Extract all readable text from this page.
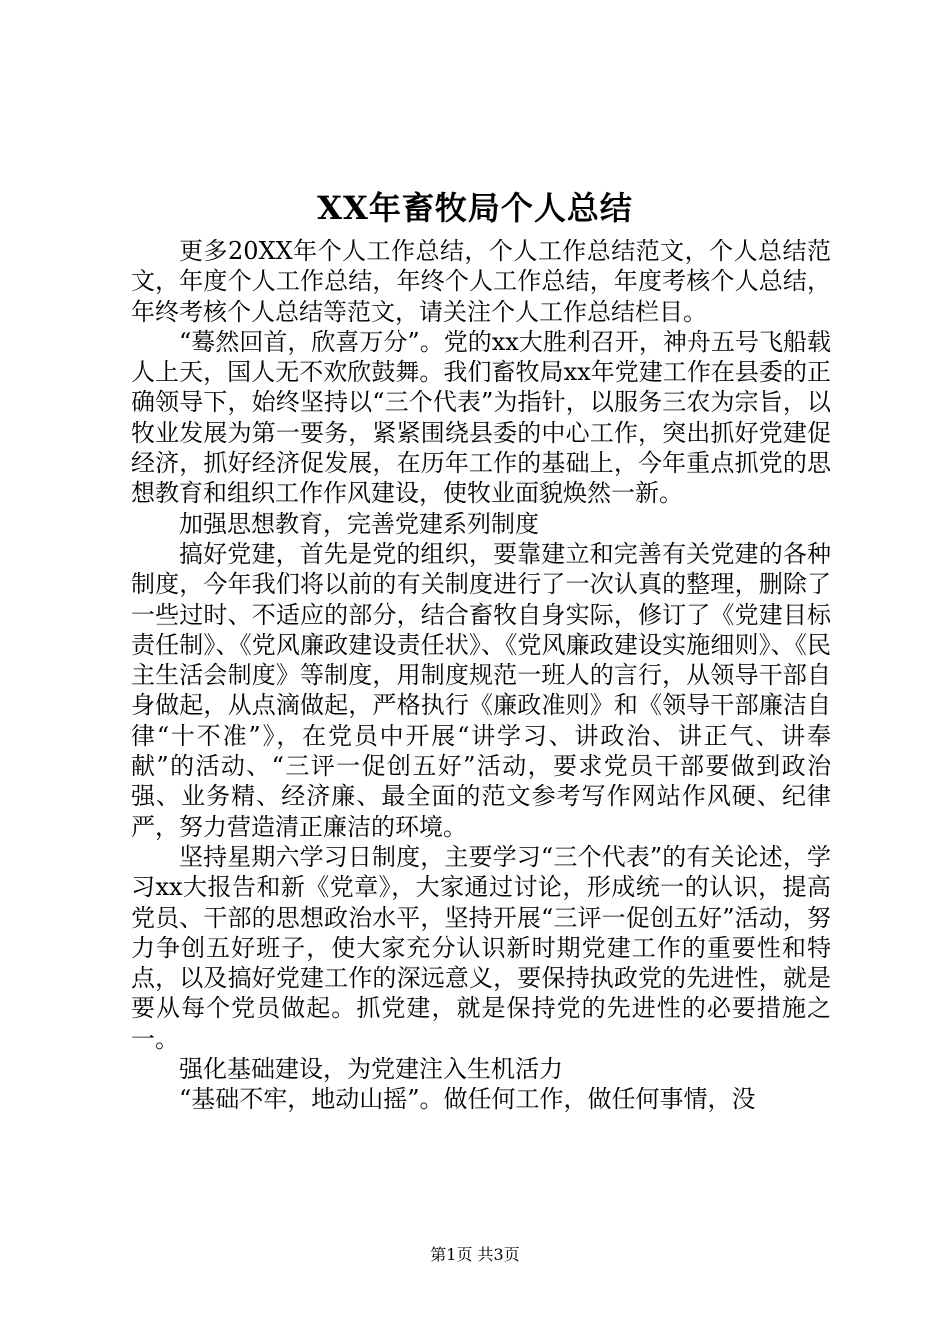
XX年畜牧局个人总结

更多20XX年个人工作总结，个人工作总结范文，个人总结范文，年度个人工作总结，年终个人工作总结，年度考核个人总结，年终考核个人总结等范文，请关注个人工作总结栏目。

“蓦然回首，欣喜万分”。党的xx大胜利召开，神舟五号飞船载人上天，国人无不欢欣鼓舞。我们畜牧局xx年党建工作在县委的正确领导下，始终坚持以“三个代表”为指针，以服务三农为宗旨，以牧业发展为第一要务，紧紧围绕县委的中心工作，突出抓好党建促经济，抓好经济促发展，在历年工作的基础上，今年重点抓党的思想教育和组织工作作风建设，使牧业面貌焕然一新。

加强思想教育，完善党建系列制度

搞好党建，首先是党的组织，要靠建立和完善有关党建的各种制度，今年我们将以前的有关制度进行了一次认真的整理，删除了一些过时、不适应的部分，结合畜牧自身实际，修订了《党建目标责任制》、《党风廉政建设责任状》、《党风廉政建设实施细则》、《民主生活会制度》等制度，用制度规范一班人的言行，从领导干部自身做起，从点滴做起，严格执行《廉政准则》和《领导干部廉洁自律“十不准”》，在党员中开展“讲学习、讲政治、讲正气、讲奉献”的活动、“三评一促创五好”活动，要求党员干部要做到政治强、业务精、经济廉、最全面的范文参考写作网站作风硬、纪律严，努力营造清正廉洁的环境。

坚持星期六学习日制度，主要学习“三个代表”的有关论述，学习xx大报告和新《党章》，大家通过讨论，形成统一的认识，提高党员、干部的思想政治水平，坚持开展“三评一促创五好”活动，努力争创五好班子，使大家充分认识新时期党建工作的重要性和特点，以及搞好党建工作的深远意义，要保持执政党的先进性，就是要从每个党员做起。抓党建，就是保持党的先进性的必要措施之一。

强化基础建设，为党建注入生机活力

“基础不牢，地动山摇”。做任何工作，做任何事情，没

第1页 共3页
